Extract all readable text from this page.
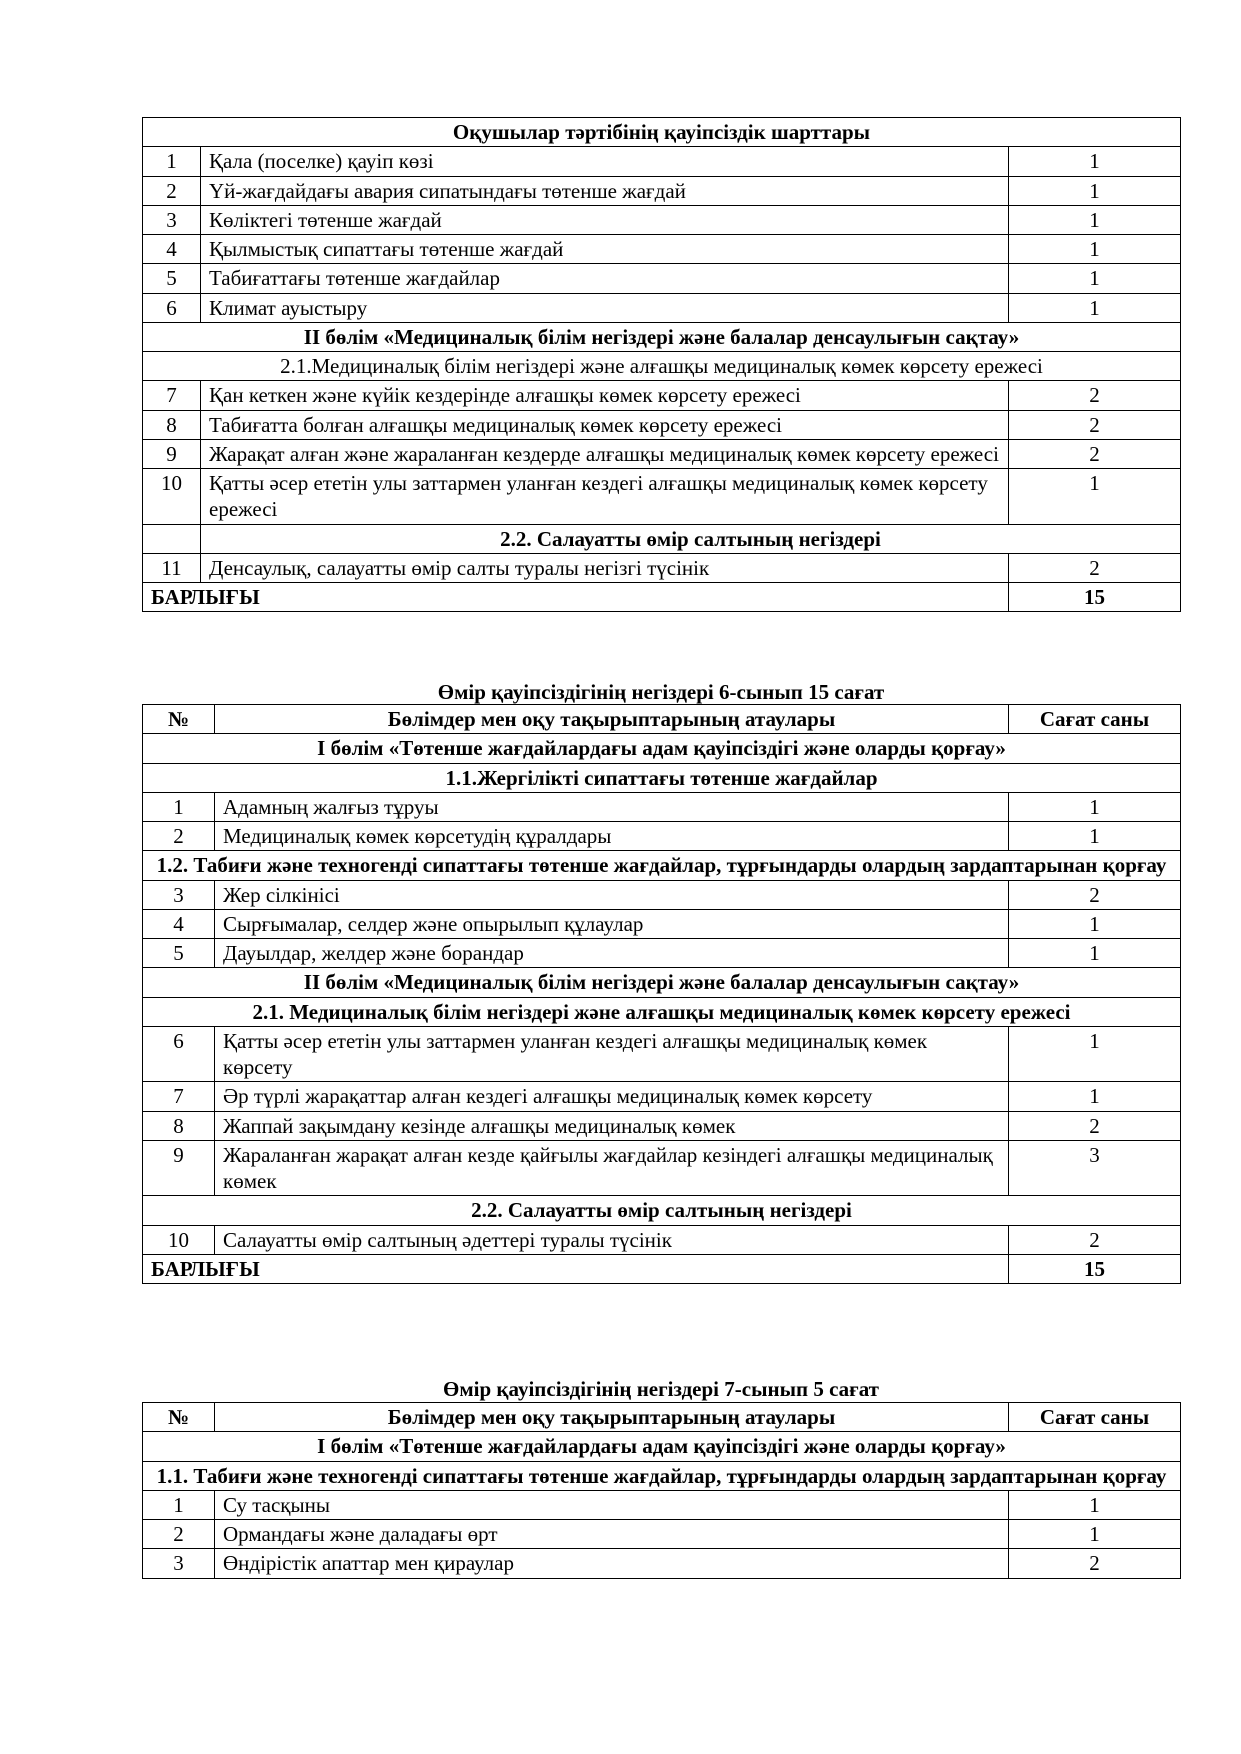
Оқушылар тәртібінің қауіпсіздік шарттары		
1	Қала (поселке) қауіп көзі	1
2	Үй-жағдайдағы авария сипатындағы төтенше жағдай	1
3	Көліктегі төтенше жағдай	1
4	Қылмыстық сипаттағы төтенше жағдай	1
5	Табиғаттағы төтенше жағдайлар	1
6	Климат ауыстыру	1
II бөлім «Медициналық білім негіздері және балалар денсаулығын сақтау»		
2.1.Медициналық білім негіздері және алғашқы медициналық көмек көрсету ережесі		
7	Қан кеткен және күйік кездерінде алғашқы көмек көрсету ережесі	2
8	Табиғатта болған алғашқы медициналық көмек көрсету ережесі	2
9	Жарақат алған және жараланған кездерде алғашқы медициналық көмек көрсету ережесі	2
10	Қатты әсер ететін улы заттармен уланған кездегі алғашқы медициналық көмек көрсету ережесі	1
	2.2. Салауатты өмір салтының негіздері	
11	Денсаулық, салауатты өмір салты туралы негізгі түсінік	2
БАРЛЫҒЫ		15
Өмір қауіпсіздігінің негіздері 6-сынып 15 сағат
№	Бөлімдер мен оқу тақырыптарының атаулары	Сағат саны
I бөлім «Төтенше жағдайлардағы адам қауіпсіздігі және оларды қорғау»		
1.1.Жергілікті сипаттағы төтенше жағдайлар		
1	Адамның жалғыз тұруы	1
2	Медициналық көмек көрсетудің құралдары	1
1.2. Табиғи және техногенді сипаттағы төтенше жағдайлар, тұрғындарды олардың зардаптарынан қорғау		
3	Жер сілкінісі	2
4	Сырғымалар, селдер және опырылып құлаулар	1
5	Дауылдар, желдер және борандар	1
II бөлім «Медициналық білім негіздері және балалар денсаулығын сақтау»		
2.1. Медициналық білім негіздері және алғашқы медициналық көмек көрсету ережесі		
6	Қатты әсер ететін улы заттармен уланған кездегі алғашқы медициналық көмек көрсету	1
7	Әр түрлі жарақаттар алған кездегі алғашқы медициналық көмек көрсету	1
8	Жаппай зақымдану кезінде алғашқы медициналық көмек	2
9	Жараланған жарақат алған кезде қайғылы жағдайлар кезіндегі алғашқы медициналық көмек	3
2.2. Салауатты өмір салтының негіздері		
10	Салауатты өмір салтының әдеттері туралы түсінік	2
БАРЛЫҒЫ		15
Өмір қауіпсіздігінің негіздері 7-сынып 5 сағат
№	Бөлімдер мен оқу тақырыптарының атаулары	Сағат саны
I бөлім «Төтенше жағдайлардағы адам қауіпсіздігі және оларды қорғау»		
1.1. Табиғи және техногенді сипаттағы төтенше жағдайлар, тұрғындарды олардың зардаптарынан қорғау		
1	Су тасқыны	1
2	Ормандағы және даладағы өрт	1
3	Өндірістік апаттар мен қираулар	2
